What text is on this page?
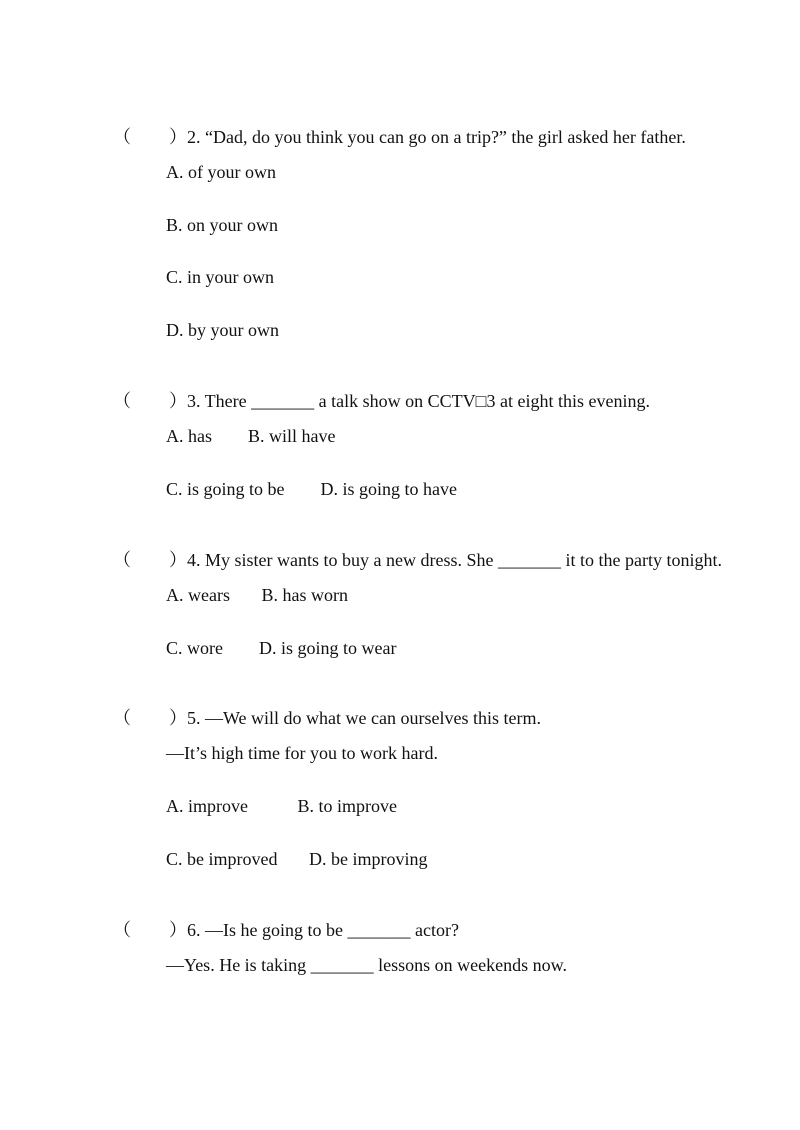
（ ）2. “Dad, do you think you can go on a trip?” the girl asked her father.

A. of your own
B. on your own
C. in your own
D. by your own

（ ）3. There _______ a talk show on CCTV□3 at eight this evening.

A. has        B. will have
C. is going to be        D. is going to have

（ ）4. My sister wants to buy a new dress. She _______ it to the party tonight.

A. wears       B. has worn
C. wore        D. is going to wear

（ ）5. —We will do what we can ourselves this term.

—It’s high time for you to work hard.
A. improve           B. to improve
C. be improved       D. be improving

（ ）6. —Is he going to be _______ actor?

—Yes. He is taking _______ lessons on weekends now.
